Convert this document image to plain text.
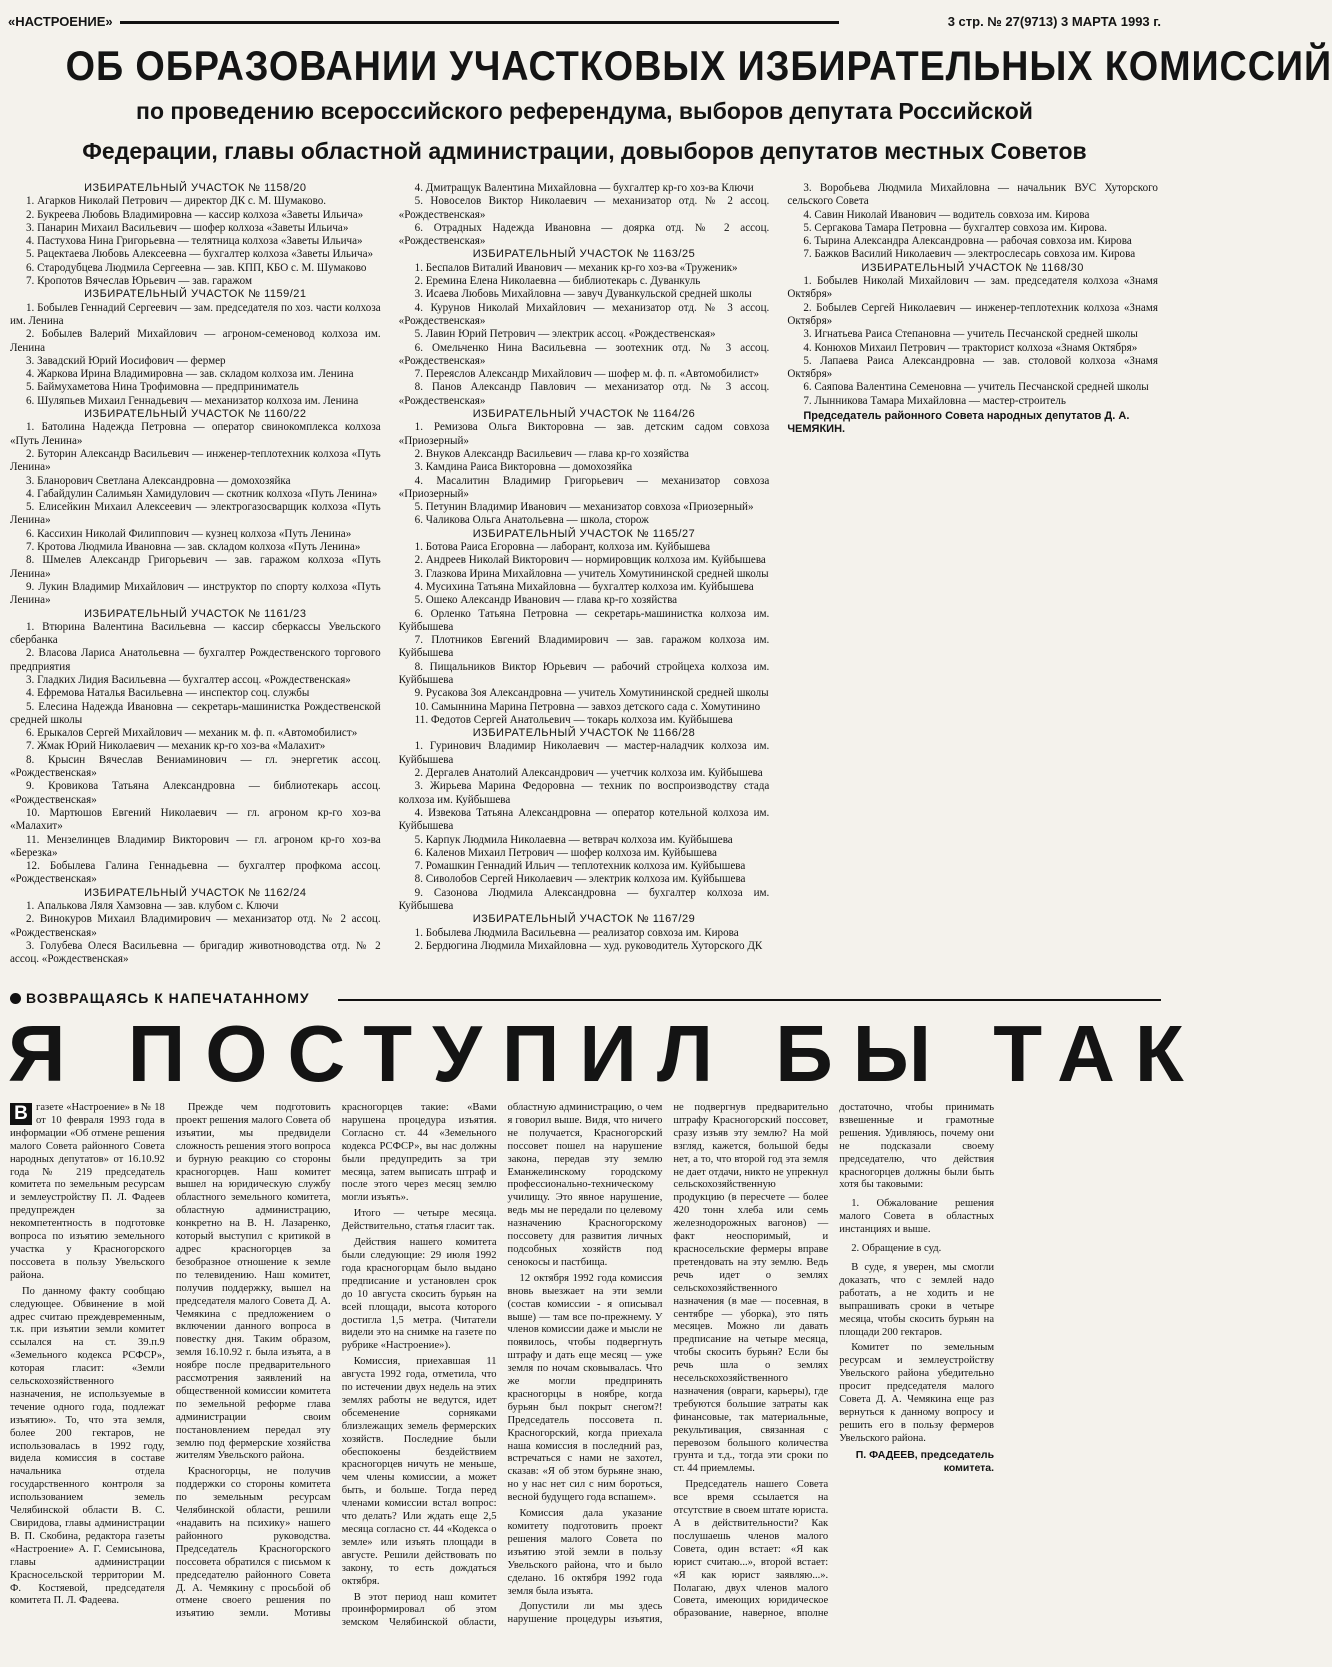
«НАСТРОЕНИЕ»	3 стр. № 27(9713) 3 МАРТА 1993 г.
ОБ ОБРАЗОВАНИИ УЧАСТКОВЫХ ИЗБИРАТЕЛЬНЫХ КОМИССИЙ
по проведению всероссийского референдума, выборов депутата Российской
Федерации, главы областной администрации, довыборов депутатов местных Советов

ИЗБИРАТЕЛЬНЫЙ УЧАСТОК № 1158/20

1. Агарков Николай Петрович — директор ДК с. М. Шумаково.

2. Букреева Любовь Владимировна — кассир колхоза «Заветы Ильича»

3. Панарин Михаил Васильевич — шофер колхоза «Заветы Ильича»

4. Пастухова Нина Григорьевна — телятница колхоза «Заветы Ильича»

5. Рацектаева Любовь Алексеевна — бухгалтер колхоза «Заветы Ильича»

6. Стародубцева Людмила Сергеевна — зав. КПП, КБО с. М. Шумаково

7. Кропотов Вячеслав Юрьевич — зав. гаражом

ИЗБИРАТЕЛЬНЫЙ УЧАСТОК № 1159/21

1. Бобылев Геннадий Сергеевич — зам. председателя по хоз. части колхоза им. Ленина

2. Бобылев Валерий Михайлович — агроном-семеновод колхоза им. Ленина

3. Завадский Юрий Иосифович — фермер

4. Жаркова Ирина Владимировна — зав. складом колхоза им. Ленина

5. Баймухаметова Нина Трофимовна — предприниматель

6. Шуляпьев Михаил Геннадьевич — механизатор колхоза им. Ленина

ИЗБИРАТЕЛЬНЫЙ УЧАСТОК № 1160/22

1. Батолина Надежда Петровна — оператор свинокомплекса колхоза «Путь Ленина»

2. Буторин Александр Васильевич — инженер-теплотехник колхоза «Путь Ленина»

3. Бланорович Светлана Александровна — домохозяйка

4. Габайдулин Салимьян Хамидулович — скотник колхоза «Путь Ленина»

5. Елисейкин Михаил Алексеевич — электрогазосварщик колхоза «Путь Ленина»

6. Кассихин Николай Филиппович — кузнец колхоза «Путь Ленина»

7. Кротова Людмила Ивановна — зав. складом колхоза «Путь Ленина»

8. Шмелев Александр Григорьевич — зав. гаражом колхоза «Путь Ленина»

9. Лукин Владимир Михайлович — инструктор по спорту колхоза «Путь Ленина»

ИЗБИРАТЕЛЬНЫЙ УЧАСТОК № 1161/23

1. Втюрина Валентина Васильевна — кассир сберкассы Увельского сбербанка

2. Власова Лариса Анатольевна — бухгалтер Рождественского торгового предприятия

3. Гладких Лидия Васильевна — бухгалтер ассоц. «Рождественская»

4. Ефремова Наталья Васильевна — инспектор соц. службы

5. Елесина Надежда Ивановна — секретарь-машинистка Рождественской средней школы

6. Ерыкалов Сергей Михайлович — механик м. ф. п. «Автомобилист»

7. Жмак Юрий Николаевич — механик кр-го хоз-ва «Малахит»

8. Крысин Вячеслав Вениаминович — гл. энергетик ассоц. «Рождественская»

9. Кровикова Татьяна Александровна — библиотекарь ассоц. «Рождественская»

10. Мартюшов Евгений Николаевич — гл. агроном кр-го хоз-ва «Малахит»

11. Мензелинцев Владимир Викторович — гл. агроном кр-го хоз-ва «Березка»

12. Бобылева Галина Геннадьевна — бухгалтер профкома ассоц. «Рождественская»

ИЗБИРАТЕЛЬНЫЙ УЧАСТОК № 1162/24

1. Апалькова Ляля Хамзовна — зав. клубом с. Ключи

2. Винокуров Михаил Владимирович — механизатор отд. № 2 ассоц. «Рождественская»

3. Голубева Олеся Васильевна — бригадир животноводства отд. № 2 ассоц. «Рождественская»

4. Дмитращук Валентина Михайловна — бухгалтер кр-го хоз-ва Ключи

5. Новоселов Виктор Николаевич — механизатор отд. № 2 ассоц. «Рождественская»

6. Отрадных Надежда Ивановна — доярка отд. № 2 ассоц. «Рождественская»

ИЗБИРАТЕЛЬНЫЙ УЧАСТОК № 1163/25

1. Беспалов Виталий Иванович — механик кр-го хоз-ва «Труженик»

2. Еремина Елена Николаевна — библиотекарь с. Дуванкуль

3. Исаева Любовь Михайловна — завуч Дуванкульской средней школы

4. Курунов Николай Михайлович — механизатор отд. № 3 ассоц. «Рождественская»

5. Лавин Юрий Петрович — электрик ассоц. «Рождественская»

6. Омельченко Нина Васильевна — зоотехник отд. № 3 ассоц. «Рождественская»

7. Переяслов Александр Михайлович — шофер м. ф. п. «Автомобилист»

8. Панов Александр Павлович — механизатор отд. № 3 ассоц. «Рождественская»

ИЗБИРАТЕЛЬНЫЙ УЧАСТОК № 1164/26

1. Ремизова Ольга Викторовна — зав. детским садом совхоза «Приозерный»

2. Внуков Александр Васильевич — глава кр-го хозяйства

3. Камдина Раиса Викторовна — домохозяйка

4. Масалитин Владимир Григорьевич — механизатор совхоза «Приозерный»

5. Петунин Владимир Иванович — механизатор совхоза «Приозерный»

6. Чаликова Ольга Анатольевна — школа, сторож

ИЗБИРАТЕЛЬНЫЙ УЧАСТОК № 1165/27

1. Ботова Раиса Егоровна — лаборант, колхоза им. Куйбышева

2. Андреев Николай Викторович — нормировщик колхоза им. Куйбышева

3. Глазкова Ирина Михайловна — учитель Хомутининской средней школы

4. Мусихина Татьяна Михайловна — бухгалтер колхоза им. Куйбышева

5. Ошеко Александр Иванович — глава кр-го хозяйства

6. Орленко Татьяна Петровна — секретарь-машинистка колхоза им. Куйбышева

7. Плотников Евгений Владимирович — зав. гаражом колхоза им. Куйбышева

8. Пищальников Виктор Юрьевич — рабочий стройцеха колхоза им. Куйбышева

9. Русакова Зоя Александровна — учитель Хомутининской средней школы

10. Самыннина Марина Петровна — завхоз детского сада с. Хомутинино

11. Федотов Сергей Анатольевич — токарь колхоза им. Куйбышева

ИЗБИРАТЕЛЬНЫЙ УЧАСТОК № 1166/28

1. Гуринович Владимир Николаевич — мастер-наладчик колхоза им. Куйбышева

2. Дергалев Анатолий Александрович — учетчик колхоза им. Куйбышева

3. Жирьева Марина Федоровна — техник по воспроизводству стада колхоза им. Куйбышева

4. Извекова Татьяна Александровна — оператор котельной колхоза им. Куйбышева

5. Карпук Людмила Николаевна — ветврач колхоза им. Куйбышева

6. Каленов Михаил Петрович — шофер колхоза им. Куйбышева

7. Ромашкин Геннадий Ильич — теплотехник колхоза им. Куйбышева

8. Сиволобов Сергей Николаевич — электрик колхоза им. Куйбышева

9. Сазонова Людмила Александровна — бухгалтер колхоза им. Куйбышева

ИЗБИРАТЕЛЬНЫЙ УЧАСТОК № 1167/29

1. Бобылева Людмила Васильевна — реализатор совхоза им. Кирова

2. Бердюгина Людмила Михайловна — худ. руководитель Хуторского ДК

3. Воробьева Людмила Михайловна — начальник ВУС Хуторского сельского Совета

4. Савин Николай Иванович — водитель совхоза им. Кирова

5. Сергакова Тамара Петровна — бухгалтер совхоза им. Кирова.

6. Тырина Александра Александровна — рабочая совхоза им. Кирова

7. Бажков Василий Николаевич — электрослесарь совхоза им. Кирова

ИЗБИРАТЕЛЬНЫЙ УЧАСТОК № 1168/30

1. Бобылев Николай Михайлович — зам. председателя колхоза «Знамя Октября»

2. Бобылев Сергей Николаевич — инженер-теплотехник колхоза «Знамя Октября»

3. Игнатьева Раиса Степановна — учитель Песчанской средней школы

4. Конюхов Михаил Петрович — тракторист колхоза «Знамя Октября»

5. Лапаева Раиса Александровна — зав. столовой колхоза «Знамя Октября»

6. Саяпова Валентина Семеновна — учитель Песчанской средней школы

7. Лынникова Тамара Михайловна — мастер-строитель

Председатель районного Совета народных депутатов Д. А. ЧЕМЯКИН.

ВОЗВРАЩАЯСЬ К НАПЕЧАТАННОМУ
Я ПОСТУПИЛ БЫ ТАК

В газете «Настроение» в № 18 от 10 февраля 1993 года в информации «Об отмене решения малого Совета районного Совета народных депутатов» от 16.10.92 года № 219 председатель комитета по земельным ресурсам и землеустройству П. Л. Фадеев предупрежден за некомпетентность в подготовке вопроса по изъятию земельного участка у Красногорского поссовета в пользу Увельского района.

По данному факту сообщаю следующее. Обвинение в мой адрес считаю преждевременным, т.к. при изъятии земли комитет ссылался на ст. 39.п.9 «Земельного кодекса РСФСР», которая гласит: «Земли сельскохозяйственного назначения, не используемые в течение одного года, подлежат изъятию». То, что эта земля, более 200 гектаров, не использовалась в 1992 году, видела комиссия в составе начальника отдела государственного контроля за использованием земель Челябинской области В. С. Свиридова, главы администрации В. П. Скобина, редактора газеты «Настроение» А. Г. Семисынова, главы администрации Красносельской территории М. Ф. Костяевой, председателя комитета П. Л. Фадеева.

Прежде чем подготовить проект решения малого Совета об изъятии, мы предвидели сложность решения этого вопроса и бурную реакцию со стороны красногорцев. Наш комитет вышел на юридическую службу областного земельного комитета, областную администрацию, конкретно на В. Н. Лазаренко, который выступил с критикой в адрес красногорцев за безобразное отношение к земле по телевидению. Наш комитет, получив поддержку, вышел на председателя малого Совета Д. А. Чемякина с предложением о включении данного вопроса в повестку дня. Таким образом, земля 16.10.92 г. была изъята, а в ноябре после предварительного рассмотрения заявлений на общественной комиссии комитета по земельной реформе глава администрации своим постановлением передал эту землю под фермерские хозяйства жителям Увельского района.

Красногорцы, не получив поддержки со стороны комитета по земельным ресурсам Челябинской области, решили «надавить на психику» нашего районного руководства. Председатель Красногорского поссовета обратился с письмом к председателю районного Совета Д. А. Чемякину с просьбой об отмене своего решения по изъятию земли. Мотивы красногорцев такие: «Вами нарушена процедура изъятия. Согласно ст. 44 «Земельного кодекса РСФСР», вы нас должны были предупредить за три месяца, затем выписать штраф и после этого через месяц землю могли изъять».

Итого — четыре месяца. Действительно, статья гласит так.

Действия нашего комитета были следующие: 29 июля 1992 года красногорцам было выдано предписание и установлен срок до 10 августа скосить бурьян на всей площади, высота которого достигла 1,5 метра. (Читатели видели это на снимке на газете по рубрике «Настроение»).

Комиссия, приехавшая 11 августа 1992 года, отметила, что по истечении двух недель на этих землях работы не ведутся, идет обсеменение сорняками близлежащих земель фермерских хозяйств. Последние были обеспокоены бездействием красногорцев ничуть не меньше, чем члены комиссии, а может быть, и больше. Тогда перед членами комиссии встал вопрос: что делать? Или ждать еще 2,5 месяца согласно ст. 44 «Кодекса о земле» или изъять площади в августе. Решили действовать по закону, то есть дождаться октября.

В этот период наш комитет проинформировал об этом земском Челябинской области, областную администрацию, о чем я говорил выше. Видя, что ничего не получается, Красногорский поссовет пошел на нарушение закона, передав эту землю Еманжелинскому городскому профессионально-техническому училищу. Это явное нарушение, ведь мы не передали по целевому назначению Красногорскому поссовету для развития личных подсобных хозяйств под сенокосы и пастбища.

12 октября 1992 года комиссия вновь выезжает на эти земли (состав комиссии - я описывал выше) — там все по-прежнему. У членов комиссии даже и мысли не появилось, чтобы подвергнуть штрафу и дать еще месяц — уже земля по ночам сковывалась. Что же могли предпринять красногорцы в ноябре, когда бурьян был покрыт снегом?! Председатель поссовета п. Красногорский, когда приехала наша комиссия в последний раз, встречаться с нами не захотел, сказав: «Я об этом бурьяне знаю, но у нас нет сил с ним бороться, весной будущего года вспашем».

Комиссия дала указание комитету подготовить проект решения малого Совета по изъятию этой земли в пользу Увельского района, что и было сделано. 16 октября 1992 года земля была изъята.

Допустили ли мы здесь нарушение процедуры изъятия, не подвергнув предварительно штрафу Красногорский поссовет, сразу изъяв эту землю? На мой взгляд, кажется, большой беды нет, а то, что второй год эта земля не дает отдачи, никто не упрекнул сельскохозяйственную продукцию (в пересчете — более 420 тонн хлеба или семь железнодорожных вагонов) — факт неоспоримый, и красносельские фермеры вправе претендовать на эту землю. Ведь речь идет о землях сельскохозяйственного назначения (в мае — посевная, в сентябре — уборка), это пять месяцев. Можно ли давать предписание на четыре месяца, чтобы скосить бурьян? Если бы речь шла о землях несельскохозяйственного назначения (овраги, карьеры), где требуются большие затраты как финансовые, так материальные, рекультивация, связанная с перевозом большого количества грунта и т.д., тогда эти сроки по ст. 44 приемлемы.

Председатель нашего Совета все время ссылается на отсутствие в своем штате юриста. А в действительности? Как послушаешь членов малого Совета, один встает: «Я как юрист считаю...», второй встает: «Я как юрист заявляю...». Полагаю, двух членов малого Совета, имеющих юридическое образование, наверное, вполне достаточно, чтобы принимать взвешенные и грамотные решения. Удивляюсь, почему они не подсказали своему председателю, что действия красногорцев должны были быть хотя бы таковыми:

1. Обжалование решения малого Совета в областных инстанциях и выше.

2. Обращение в суд.

В суде, я уверен, мы смогли доказать, что с землей надо работать, а не ходить и не выпрашивать сроки в четыре месяца, чтобы скосить бурьян на площади 200 гектаров.

Комитет по земельным ресурсам и землеустройству Увельского района убедительно просит председателя малого Совета Д. А. Чемякина еще раз вернуться к данному вопросу и решить его в пользу фермеров Увельского района.

П. ФАДЕЕВ, председатель комитета.
